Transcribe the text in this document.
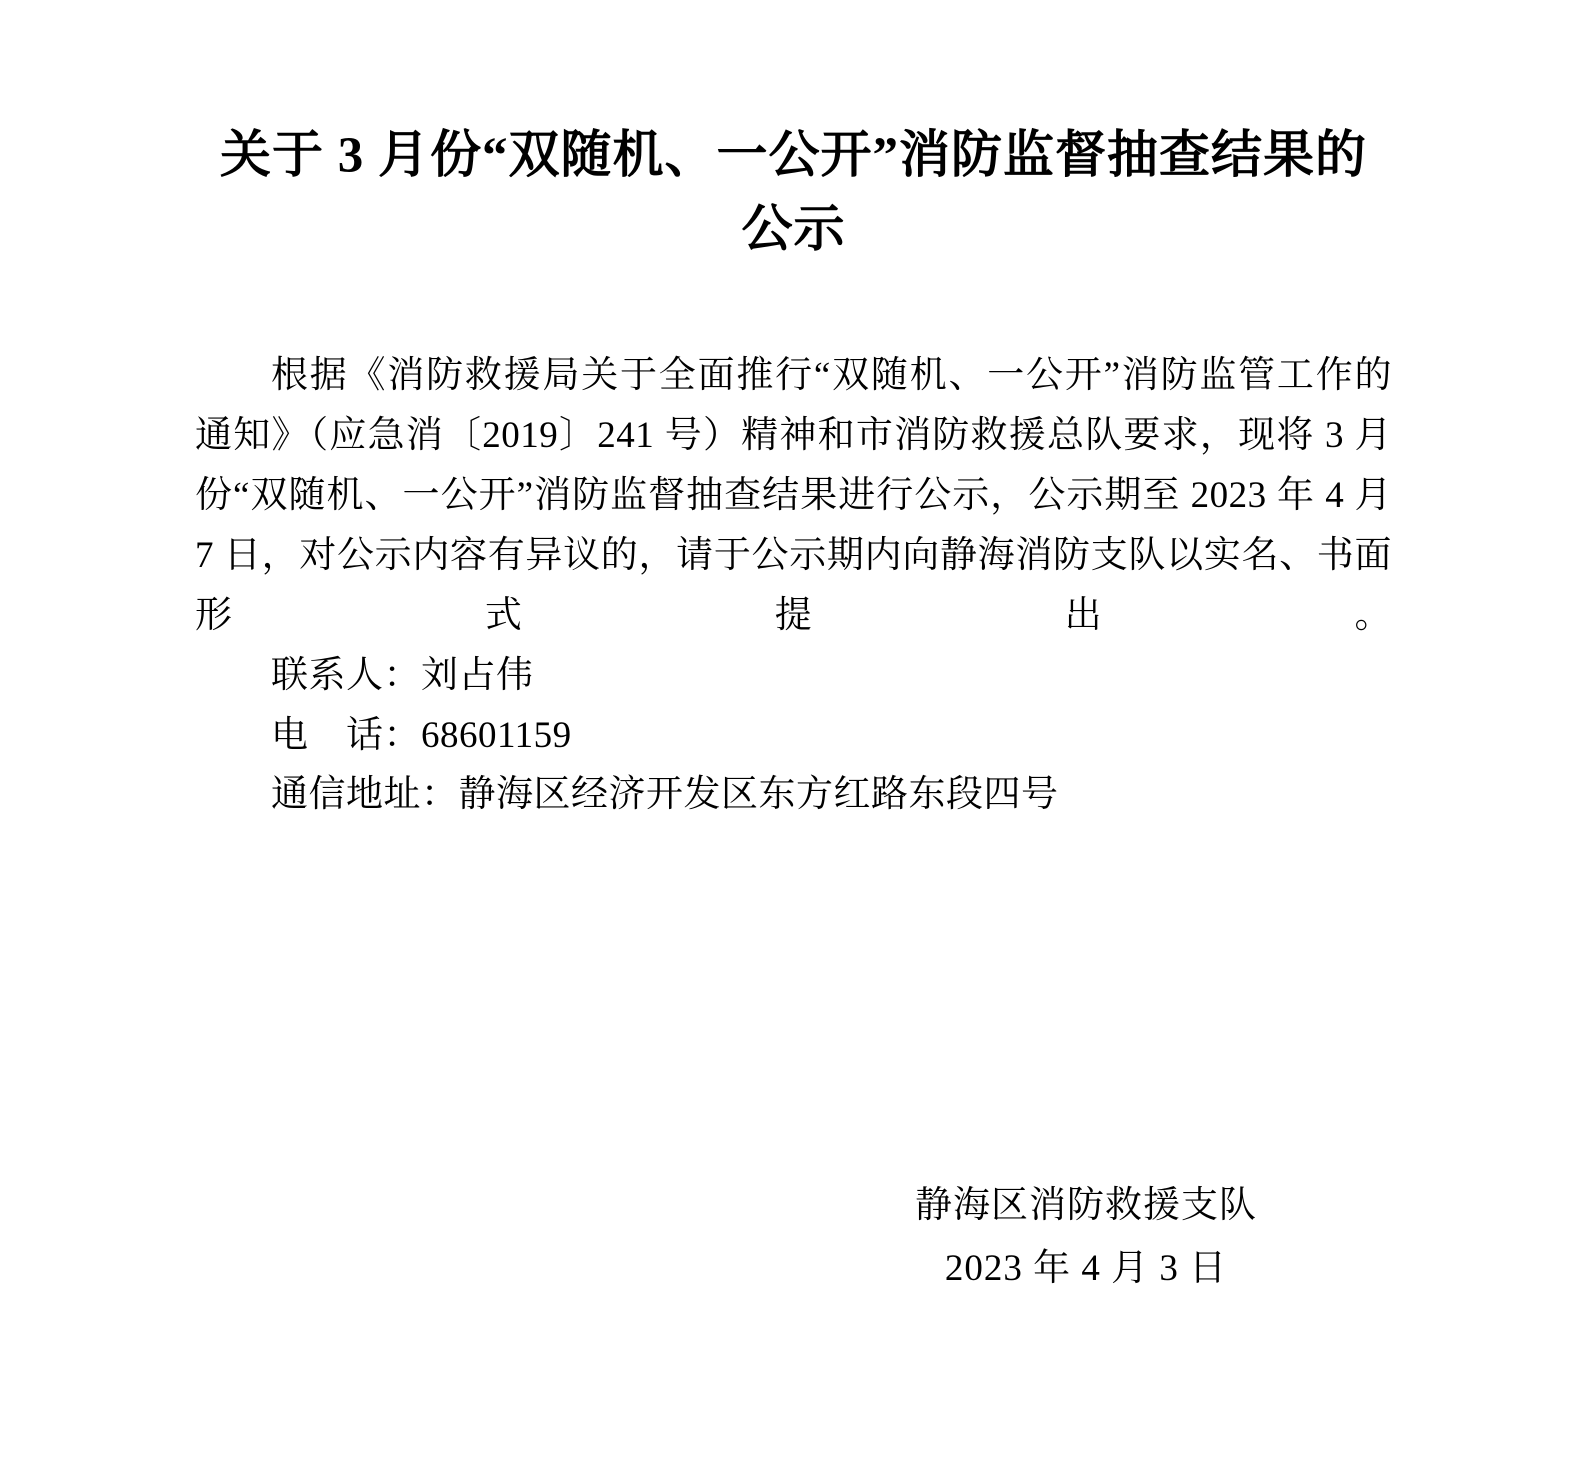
关于 3 月份“双随机、一公开”消防监督抽查结果的公示

根据《消防救援局关于全面推行“双随机、一公开”消防监管工作的通知》（应急消〔2019〕241 号）精神和市消防救援总队要求，现将 3 月份“双随机、一公开”消防监督抽查结果进行公示，公示期至 2023 年 4 月 7 日，对公示内容有异议的，请于公示期内向静海消防支队以实名、书面形式提出。

联系人：刘占伟

电　话：68601159

通信地址：静海区经济开发区东方红路东段四号

静海区消防救援支队
2023 年 4 月 3 日
